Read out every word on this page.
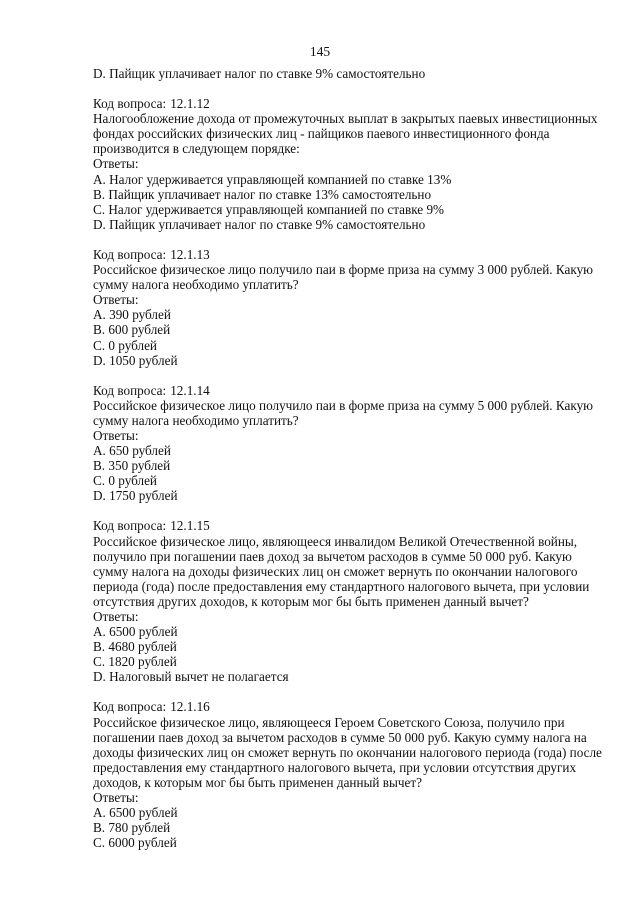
145
D. Пайщик уплачивает налог по ставке 9% самостоятельно
Код вопроса: 12.1.12
Налогообложение дохода от промежуточных выплат в закрытых паевых инвестиционных
фондах российских физических лиц - пайщиков паевого инвестиционного фонда
производится в следующем порядке:
Ответы:
A. Налог удерживается управляющей компанией по ставке 13%
B. Пайщик уплачивает налог по ставке 13% самостоятельно
C. Налог удерживается управляющей компанией по ставке 9%
D. Пайщик уплачивает налог по ставке 9% самостоятельно
Код вопроса: 12.1.13
Российское физическое лицо получило паи в форме приза на сумму 3 000 рублей. Какую
сумму налога необходимо уплатить?
Ответы:
A. 390 рублей
B. 600 рублей
C. 0 рублей
D. 1050 рублей
Код вопроса: 12.1.14
Российское физическое лицо получило паи в форме приза на сумму 5 000 рублей. Какую
сумму налога необходимо уплатить?
Ответы:
A. 650 рублей
B. 350 рублей
C. 0 рублей
D. 1750 рублей
Код вопроса: 12.1.15
Российское физическое лицо, являющееся инвалидом Великой Отечественной войны,
получило при погашении паев доход за вычетом расходов в сумме 50 000 руб. Какую
сумму налога на доходы физических лиц он сможет вернуть по окончании налогового
периода (года) после предоставления ему стандартного налогового вычета, при условии
отсутствия других доходов, к которым мог бы быть применен данный вычет?
Ответы:
A. 6500 рублей
B. 4680 рублей
C. 1820 рублей
D. Налоговый вычет не полагается
Код вопроса: 12.1.16
Российское физическое лицо, являющееся Героем Советского Союза, получило при
погашении паев доход за вычетом расходов в сумме 50 000 руб. Какую сумму налога на
доходы физических лиц он сможет вернуть по окончании налогового периода (года) после
предоставления ему стандартного налогового вычета, при условии отсутствия других
доходов, к которым мог бы быть применен данный вычет?
Ответы:
A. 6500 рублей
B. 780 рублей
C. 6000 рублей
